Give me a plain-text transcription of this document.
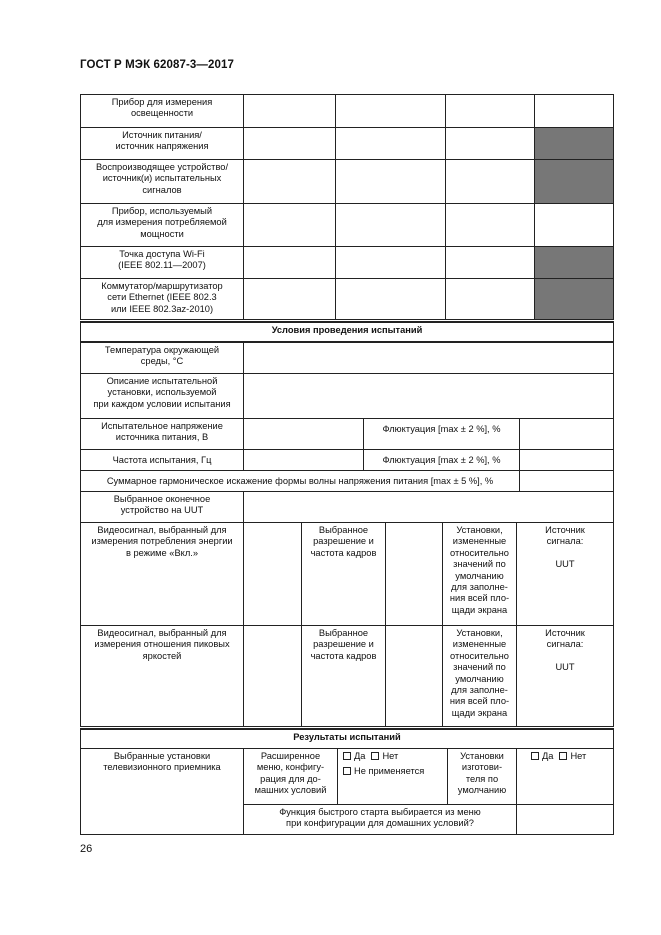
ГОСТ Р МЭК 62087-3—2017
Прибор для измерения
освещенности
Источник питания/
источник напряжения
Воспроизводящее устройство/
источник(и) испытательных
сигналов
Прибор, используемый
для измерения потребляемой
мощности
Точка доступа Wi-Fi
(IEEE 802.11—2007)
Коммутатор/маршрутизатор
сети Ethernet (IEEE 802.3
или IEEE 802.3az-2010)
Условия проведения испытаний
Температура окружающей
среды, °С
Описание испытательной
установки, используемой
при каждом условии испытания
Испытательное напряжение
источника питания, В
Флюктуация [max ± 2 %], %
Частота испытания, Гц	Флюктуация [max ± 2 %], %
Суммарное гармоническое искажение формы волны напряжения питания [max ± 5 %], %
Выбранное оконечное
устройство на UUT
Видеосигнал, выбранный для
измерения потребления энергии
в режиме «Вкл.»
Выбранное
разрешение и
частота кадров
Установки,
измененные
относительно
значений по
умолчанию
для заполне-
ния всей пло-
щади экрана
Источник
сигнала:

UUT
Видеосигнал, выбранный для
измерения отношения пиковых
яркостей
Выбранное
разрешение и
частота кадров
Установки,
измененные
относительно
значений по
умолчанию
для заполне-
ния всей пло-
щади экрана
Источник
сигнала:

UUT
Результаты испытаний
Выбранные установки
телевизионного приемника
Расширенное
меню, конфигу-
рация для до-
машних условий
Да Нет
Не применяется
Установки
изготови-
теля по
умолчанию
Да Нет
Функция быстрого старта выбирается из меню
при конфигурации для домашних условий?
26
